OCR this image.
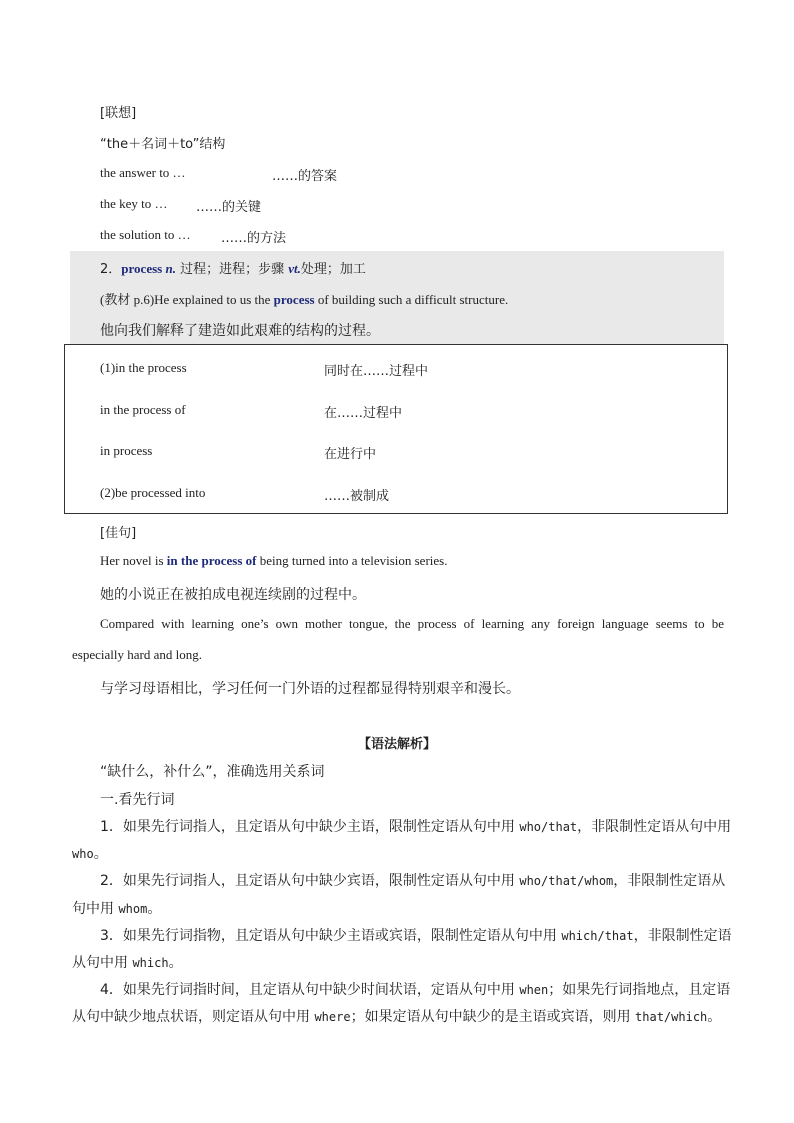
[联想]
“the＋名词＋to”结构
the answer to …	……的答案
the key to … ……的关键
the solution to … ……的方法
2．process n. 过程；进程；步骤 vt.处理；加工
(教材 p.6)He explained to us the process of building such a difficult structure.
他向我们解释了建造如此艰难的结构的过程。
(1)in the process	同时在……过程中
in the process of	在……过程中
in process	在进行中
(2)be processed into	……被制成
[佳句]
Her novel is in the process of being turned into a television series.
她的小说正在被拍成电视连续剧的过程中。
Compared with learning one’s own mother tongue, the process of learning any foreign language seems to be
especially hard and long.
与学习母语相比，学习任何一门外语的过程都显得特别艰辛和漫长。
【语法解析】
“缺什么，补什么”，准确选用关系词
一.看先行词
1．如果先行词指人，且定语从句中缺少主语，限制性定语从句中用 who/that，非限制性定语从句中用
who。
2．如果先行词指人，且定语从句中缺少宾语，限制性定语从句中用 who/that/whom，非限制性定语从
句中用 whom。
3．如果先行词指物，且定语从句中缺少主语或宾语，限制性定语从句中用 which/that，非限制性定语
从句中用 which。
4．如果先行词指时间，且定语从句中缺少时间状语，定语从句中用 when；如果先行词指地点，且定语
从句中缺少地点状语，则定语从句中用 where；如果定语从句中缺少的是主语或宾语，则用 that/which。
